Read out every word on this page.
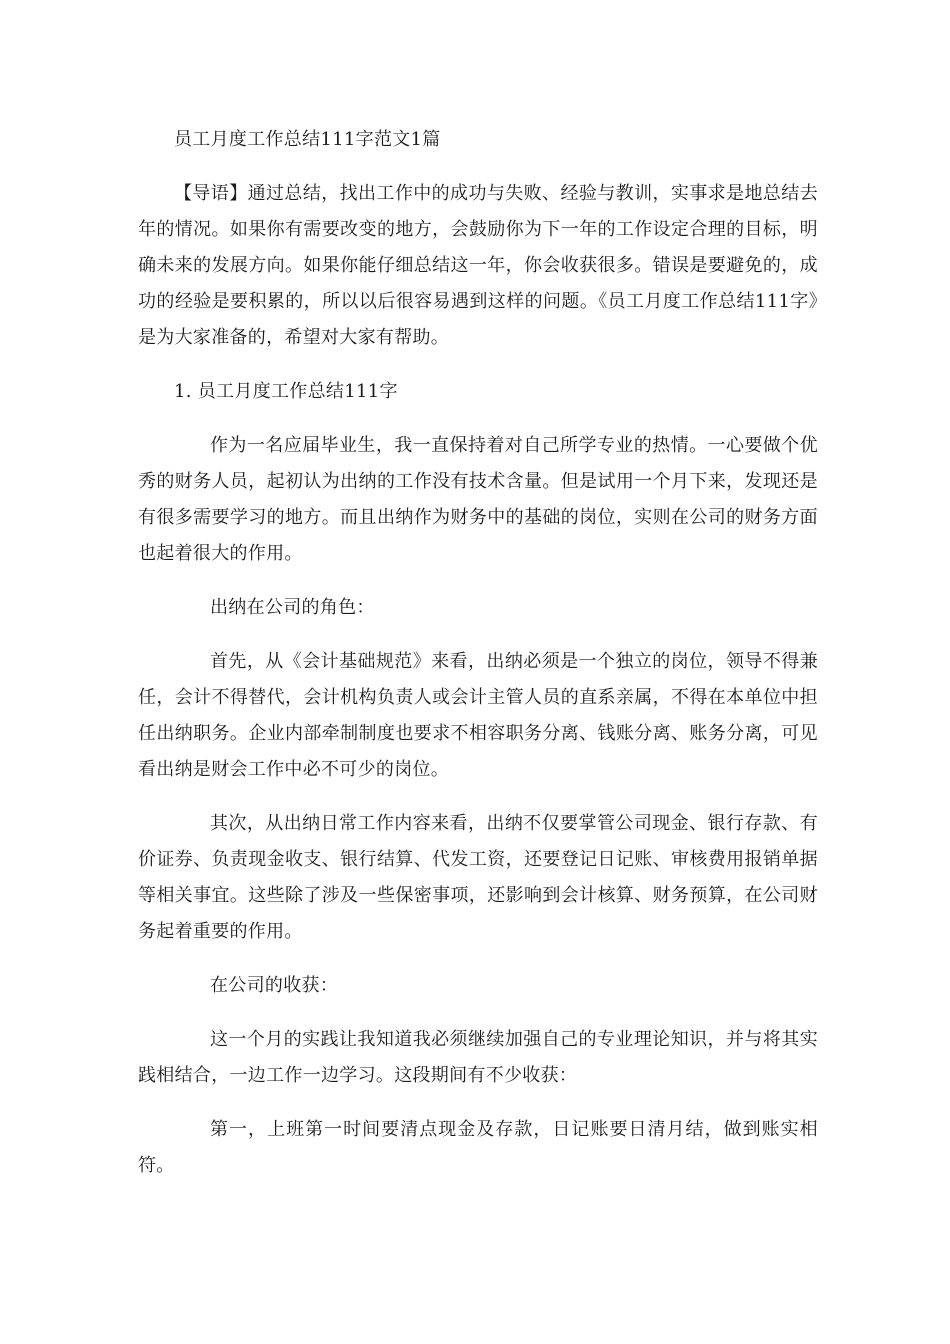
员工月度工作总结111字范文1篇

【导语】通过总结，找出工作中的成功与失败、经验与教训，实事求是地总结去年的情况。如果你有需要改变的地方，会鼓励你为下一年的工作设定合理的目标，明确未来的发展方向。如果你能仔细总结这一年，你会收获很多。错误是要避免的，成功的经验是要积累的，所以以后很容易遇到这样的问题。《员工月度工作总结111字》是为大家准备的，希望对大家有帮助。

1. 员工月度工作总结111字

作为一名应届毕业生，我一直保持着对自己所学专业的热情。一心要做个优秀的财务人员，起初认为出纳的工作没有技术含量。但是试用一个月下来，发现还是有很多需要学习的地方。而且出纳作为财务中的基础的岗位，实则在公司的财务方面也起着很大的作用。

出纳在公司的角色：

首先，从《会计基础规范》来看，出纳必须是一个独立的岗位，领导不得兼任，会计不得替代，会计机构负责人或会计主管人员的直系亲属，不得在本单位中担任出纳职务。企业内部牵制制度也要求不相容职务分离、钱账分离、账务分离，可见看出纳是财会工作中必不可少的岗位。

其次，从出纳日常工作内容来看，出纳不仅要掌管公司现金、银行存款、有价证券、负责现金收支、银行结算、代发工资，还要登记日记账、审核费用报销单据等相关事宜。这些除了涉及一些保密事项，还影响到会计核算、财务预算，在公司财务起着重要的作用。

在公司的收获：

这一个月的实践让我知道我必须继续加强自己的专业理论知识，并与将其实践相结合，一边工作一边学习。这段期间有不少收获：

第一，上班第一时间要清点现金及存款，日记账要日清月结，做到账实相符。
